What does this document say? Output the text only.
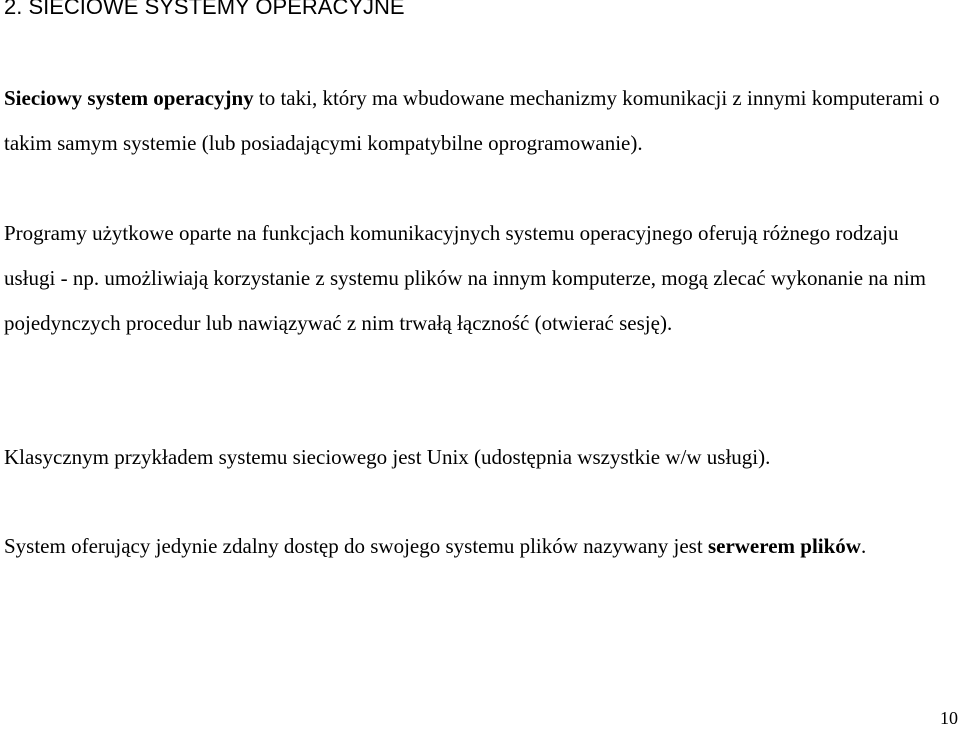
2. SIECIOWE SYSTEMY OPERACYJNE

Sieciowy system operacyjny to taki, który ma wbudowane mechanizmy komunikacji z innymi komputerami o takim samym systemie (lub posiadającymi kompatybilne oprogramowanie).

Programy użytkowe oparte na funkcjach komunikacyjnych systemu operacyjnego oferują różnego rodzaju usługi - np. umożliwiają korzystanie z systemu plików na innym komputerze, mogą zlecać wykonanie na nim pojedynczych procedur lub nawiązywać z nim trwałą łączność (otwierać sesję).

Klasycznym przykładem systemu sieciowego jest Unix (udostępnia wszystkie w/w usługi).

System oferujący jedynie zdalny dostęp do swojego systemu plików nazywany jest serwerem plików.

10
